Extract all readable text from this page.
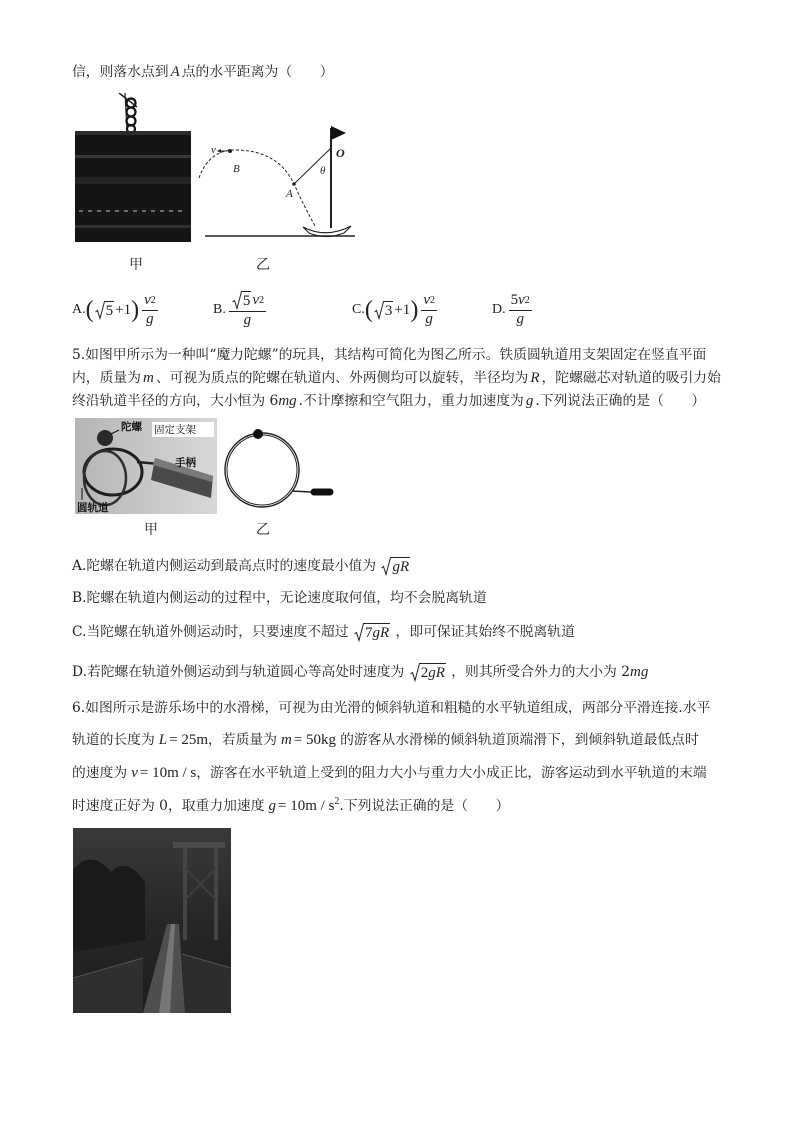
信，则落水点到 A 点的水平距离为（　　）
O
θ
v
B
A
甲	乙
A. ( 5 +1 ) $\frac{v 2}{g}$	B. $\frac{5 v 2}{g}$	C. ( 3 +1 ) $\frac{v 2}{g}$	D. $\frac{5 v 2}{g}$
5.如图甲所示为一种叫“魔力陀螺”的玩具，其结构可简化为图乙所示。铁质圆轨道用支架固定在竖直平面
内，质量为 m 、可视为质点的陀螺在轨道内、外两侧均可以旋转，半径均为 R ，陀螺磁芯对轨道的吸引力始
终沿轨道半径的方向，大小恒为 6mg .不计摩擦和空气阻力，重力加速度为 g .下列说法正确的是（　　）
陀螺 固定支架
手柄
圆轨道
甲	乙
A.陀螺在轨道内侧运动到最高点时的速度最小值为 gR
B.陀螺在轨道内侧运动的过程中，无论速度取何值，均不会脱离轨道
C.当陀螺在轨道外侧运动时，只要速度不超过 7gR ，即可保证其始终不脱离轨道
D.若陀螺在轨道外侧运动到与轨道圆心等高处时速度为 2gR ，则其所受合外力的大小为 2mg
6.如图所示是游乐场中的水滑梯，可视为由光滑的倾斜轨道和粗糙的水平轨道组成，两部分平滑连接.水平
轨道的长度为 L = 25m，若质量为 m = 50kg 的游客从水滑梯的倾斜轨道顶端滑下，到倾斜轨道最低点时
的速度为 v = 10m / s，游客在水平轨道上受到的阻力大小与重力大小成正比，游客运动到水平轨道的末端
时速度正好为 0，取重力加速度 $g = 10m / s^2$.下列说法正确的是（　　）
